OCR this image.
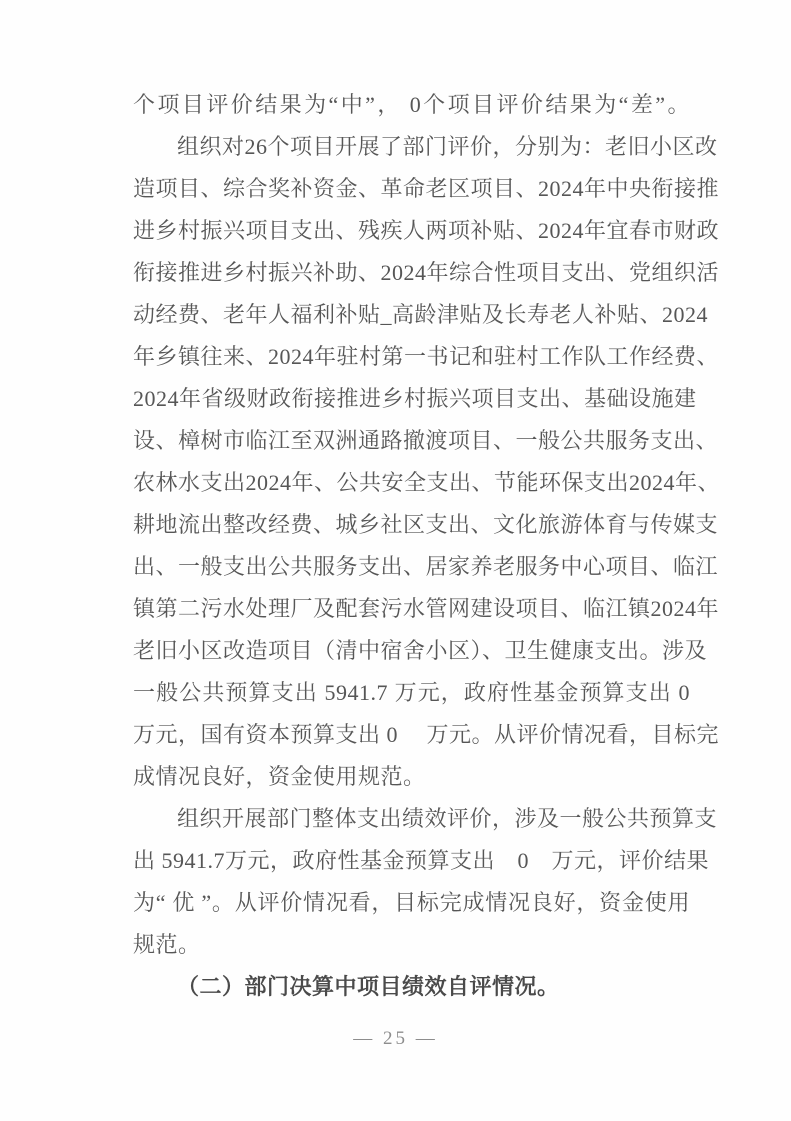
个项目评价结果为“中”， 0个项目评价结果为“差”。
组织对26个项目开展了部门评价，分别为：老旧小区改
造项目、综合奖补资金、革命老区项目、2024年中央衔接推
进乡村振兴项目支出、残疾人两项补贴、2024年宜春市财政
衔接推进乡村振兴补助、2024年综合性项目支出、党组织活
动经费、老年人福利补贴_高龄津贴及长寿老人补贴、2024
年乡镇往来、2024年驻村第一书记和驻村工作队工作经费、
2024年省级财政衔接推进乡村振兴项目支出、基础设施建
设、樟树市临江至双洲通路撤渡项目、一般公共服务支出、
农林水支出2024年、公共安全支出、节能环保支出2024年、
耕地流出整改经费、城乡社区支出、文化旅游体育与传媒支
出、一般支出公共服务支出、居家养老服务中心项目、临江
镇第二污水处理厂及配套污水管网建设项目、临江镇2024年
老旧小区改造项目（清中宿舍小区）、卫生健康支出。涉及
一般公共预算支出 5941.7 万元，政府性基金预算支出 0
万元，国有资本预算支出 0 　万元。从评价情况看，目标完
成情况良好，资金使用规范。
组织开展部门整体支出绩效评价，涉及一般公共预算支
出 5941.7万元，政府性基金预算支出　0　万元，评价结果
为“ 优 ”。从评价情况看，目标完成情况良好，资金使用
规范。
（二）部门决算中项目绩效自评情况。
— 25 —
